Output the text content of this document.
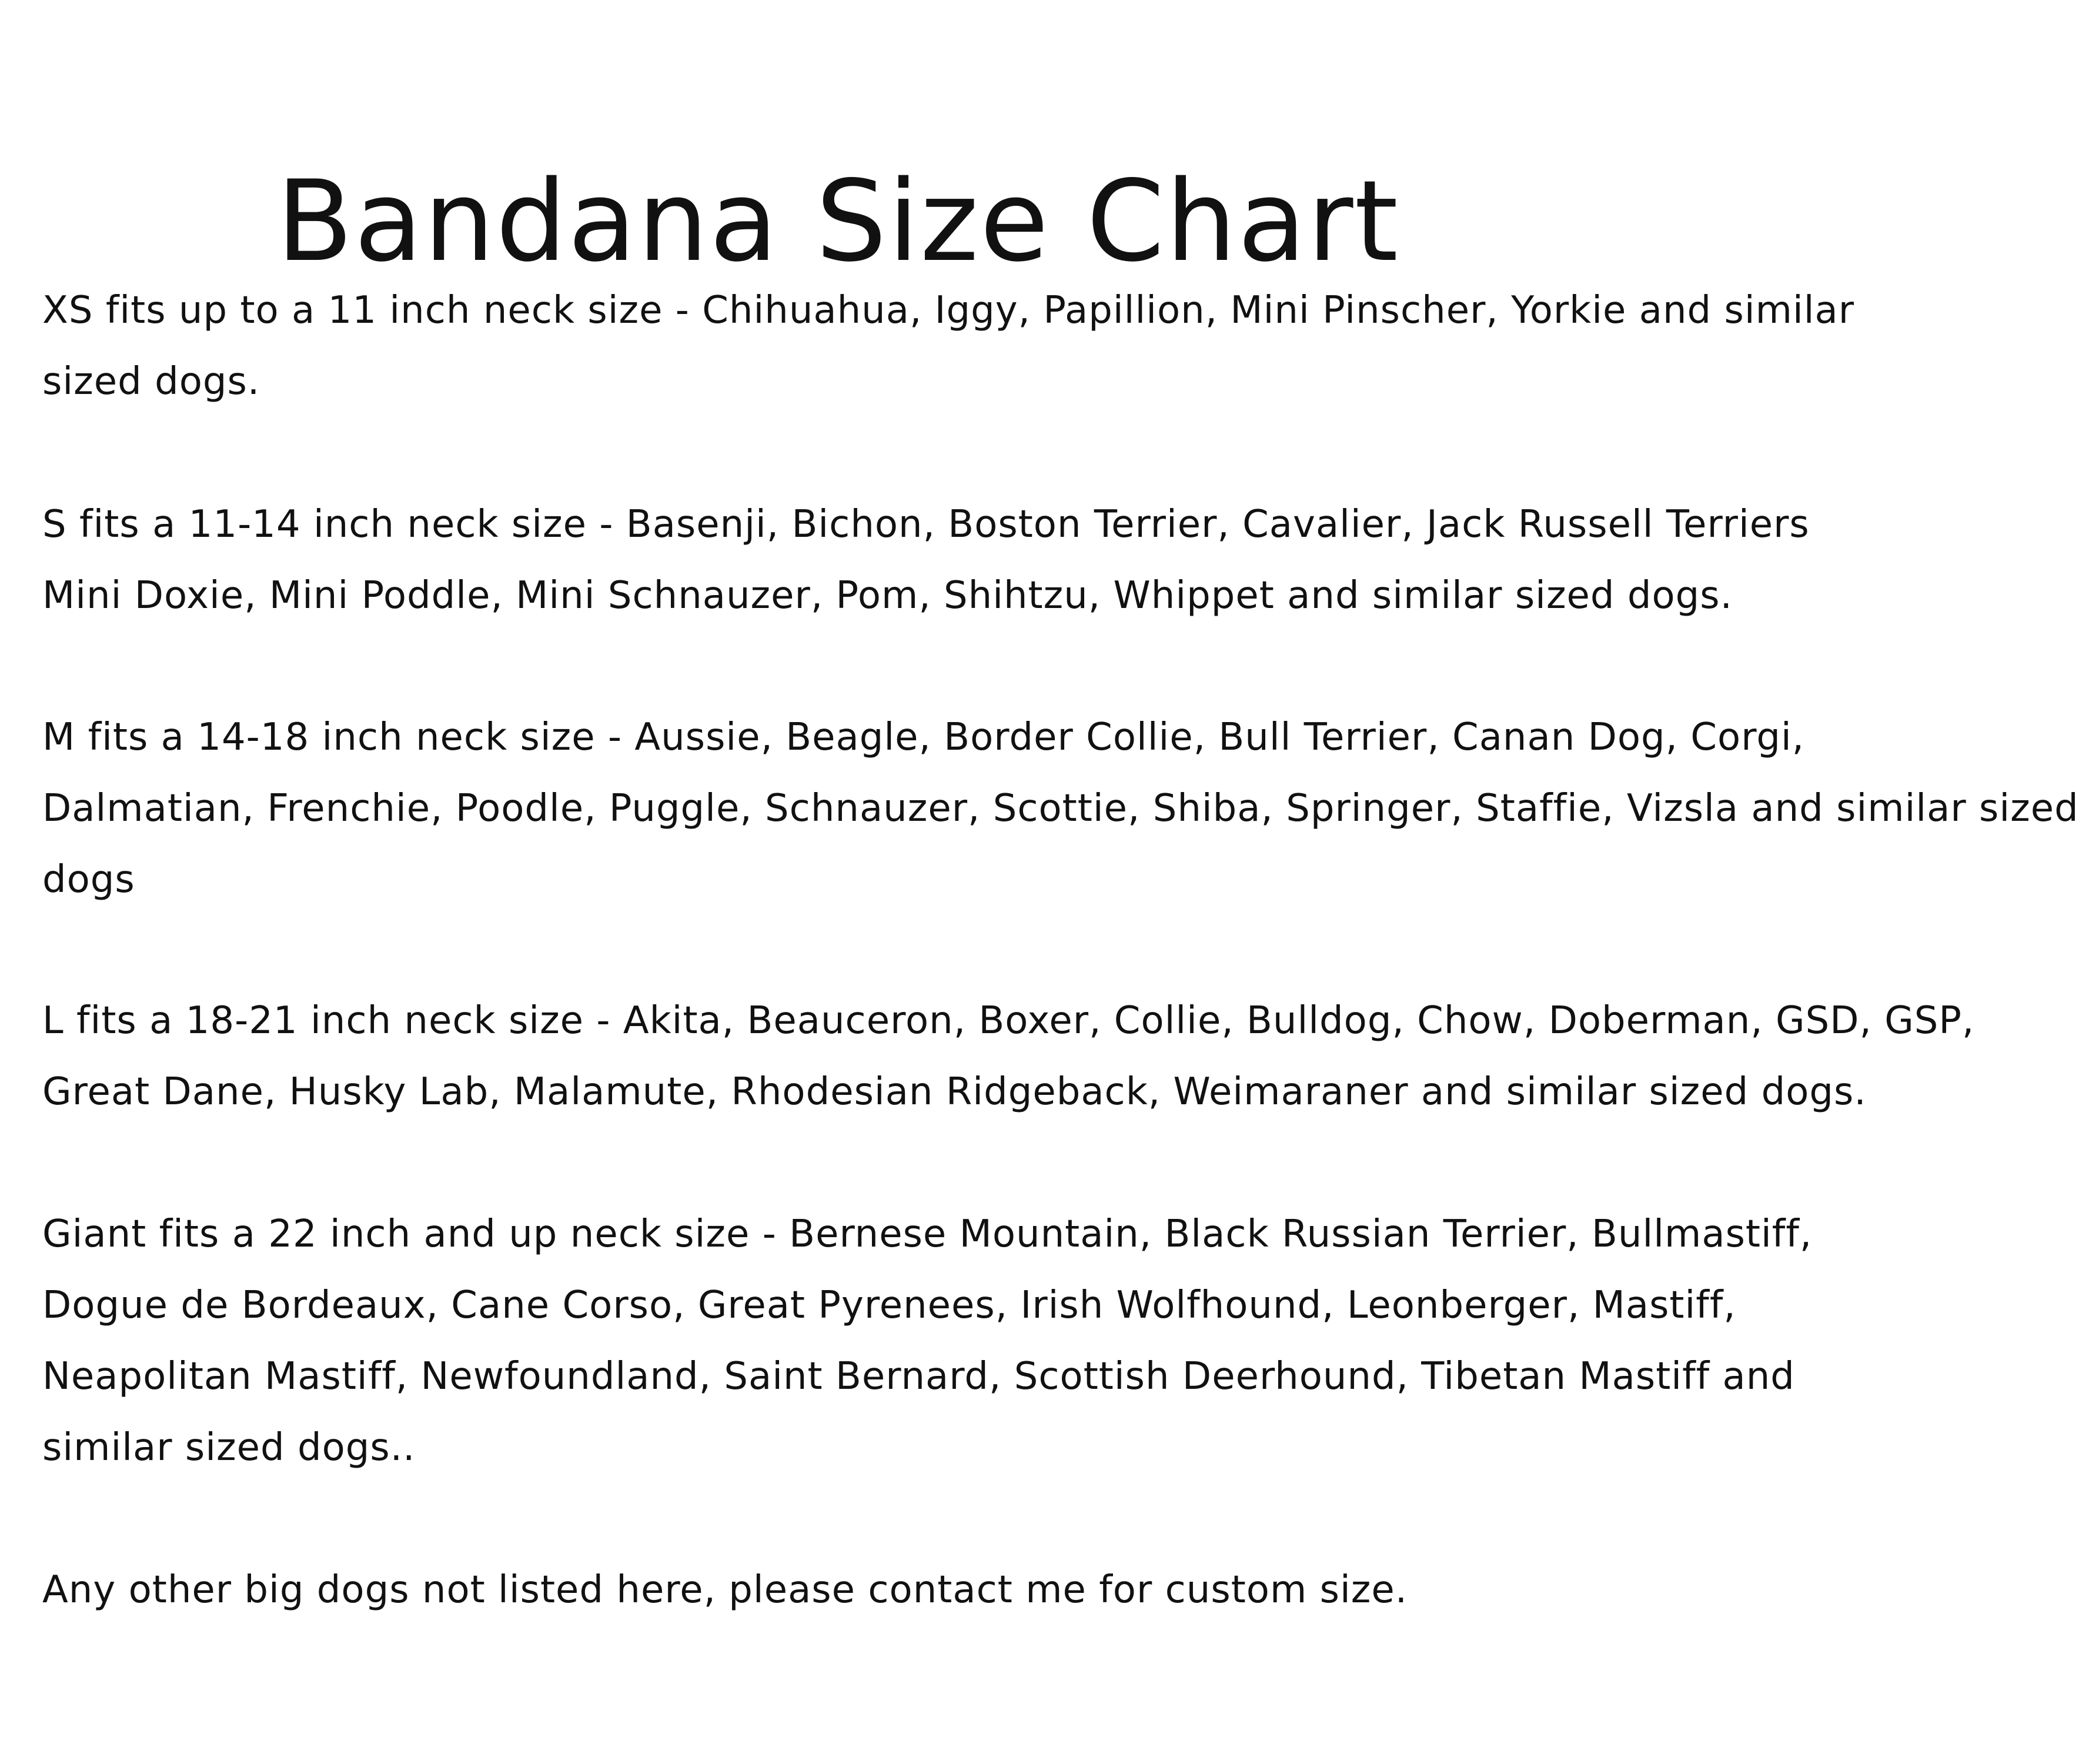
Bandana Size Chart

XS fits up to a 11 inch neck size - Chihuahua, Iggy, Papillion, Mini Pinscher, Yorkie and similar
sized dogs.

S fits a 11-14 inch neck size - Basenji, Bichon, Boston Terrier, Cavalier, Jack Russell Terriers
Mini Doxie, Mini Poddle, Mini Schnauzer, Pom, Shihtzu, Whippet and similar sized dogs.

M fits a 14-18 inch neck size - Aussie, Beagle, Border Collie, Bull Terrier, Canan Dog, Corgi,
Dalmatian, Frenchie, Poodle, Puggle, Schnauzer, Scottie, Shiba, Springer, Staffie, Vizsla and similar sized
dogs

L fits a 18-21 inch neck size - Akita, Beauceron, Boxer, Collie, Bulldog, Chow, Doberman, GSD, GSP,
Great Dane, Husky Lab, Malamute, Rhodesian Ridgeback, Weimaraner and similar sized dogs.

Giant fits a 22 inch and up neck size - Bernese Mountain, Black Russian Terrier, Bullmastiff,
Dogue de Bordeaux, Cane Corso, Great Pyrenees, Irish Wolfhound, Leonberger, Mastiff,
Neapolitan Mastiff, Newfoundland, Saint Bernard, Scottish Deerhound, Tibetan Mastiff and
similar sized dogs..

Any other big dogs not listed here, please contact me for custom size.
